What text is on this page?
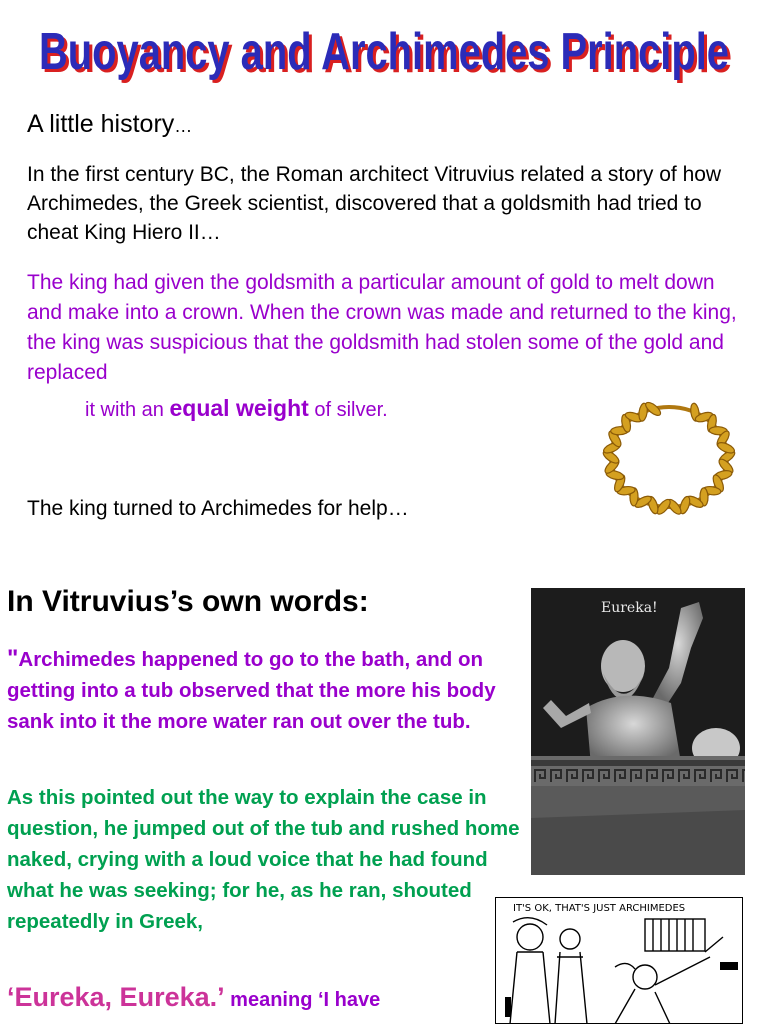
Buoyancy and Archimedes Principle
Buoyancy and Archimedes Principle

A little history…

In the first century BC, the Roman architect Vitruvius related a story of how Archimedes, the Greek scientist, discovered that a goldsmith had tried to cheat King Hiero II…

The king had given the goldsmith a particular amount of gold to melt down and make into a crown. When the crown was made and returned to the king, the king was suspicious that the goldsmith had stolen some of the gold and replaced

it with an equal weight of silver.

The king turned to Archimedes for help…

In Vitruvius’s own words:

"Archimedes happened to go to the bath, and on getting into a tub observed that the more his body sank into it the more water ran out over the tub.

As this pointed out the way to explain the case in question, he jumped out of the tub and rushed home naked, crying with a loud voice that he had found what he was seeking; for he, as he ran, shouted repeatedly in Greek,

‘Eureka, Eureka.’ meaning ‘I have

Eureka!
IT'S OK, THAT'S JUST ARCHIMEDES
